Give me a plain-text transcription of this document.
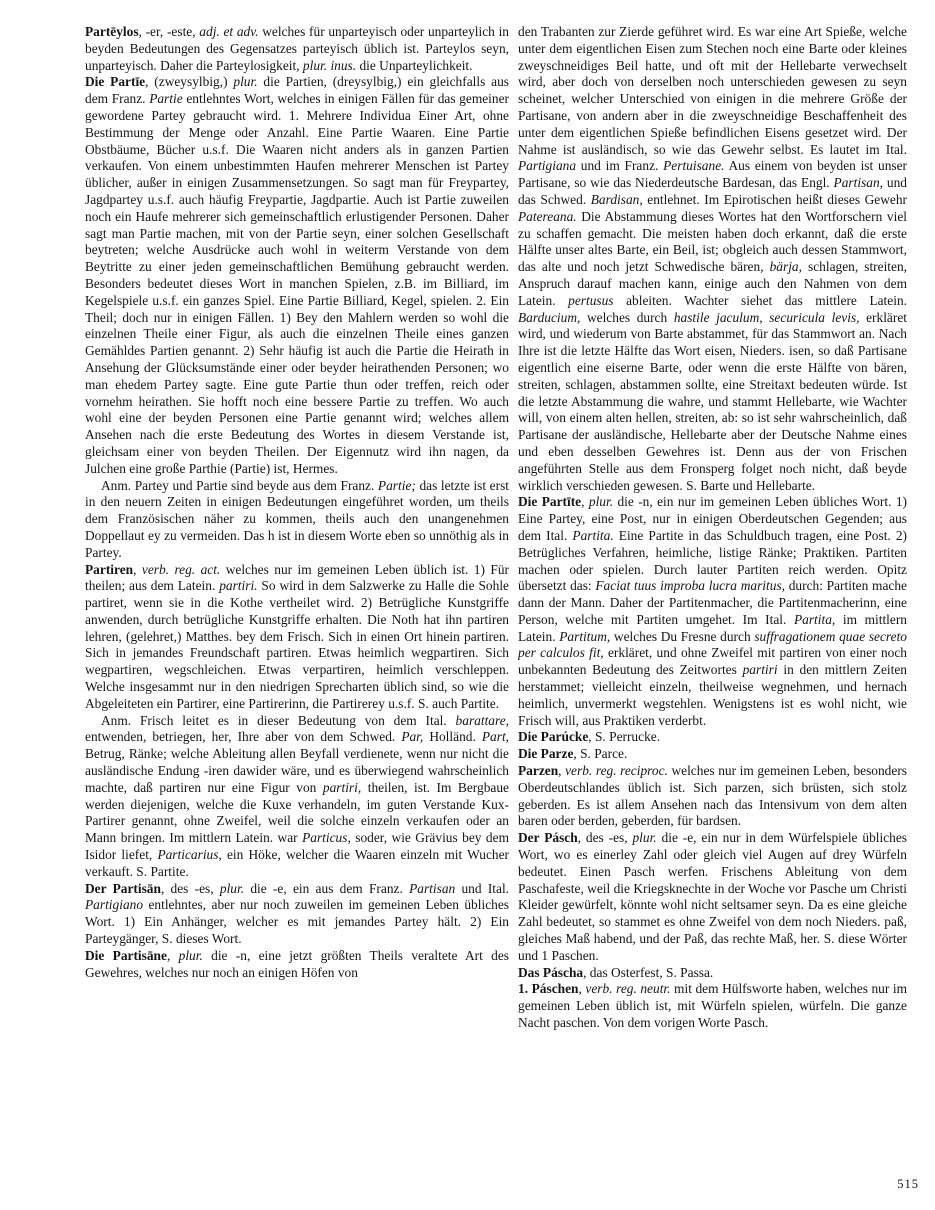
Partēylos, -er, -este, adj. et adv. welches für unparteyisch oder unparteylich in beyden Bedeutungen des Gegensatzes parteyisch üblich ist. Parteylos seyn, unparteyisch. Daher die Parteylosigkeit, plur. inus. die Unparteylichkeit.

Die Partīe, (zweysylbig,) plur. die Partien, (dreysylbig,) ein gleichfalls aus dem Franz. Partie entlehntes Wort, welches in einigen Fällen für das gemeiner gewordene Partey gebraucht wird. 1. Mehrere Individua Einer Art, ohne Bestimmung der Menge oder Anzahl. Eine Partie Waaren. Eine Partie Obstbäume, Bücher u.s.f. Die Waaren nicht anders als in ganzen Partien verkaufen. Von einem unbestimmten Haufen mehrerer Menschen ist Partey üblicher, außer in einigen Zusammensetzungen. So sagt man für Freypartey, Jagdpartey u.s.f. auch häufig Freypartie, Jagdpartie. Auch ist Partie zuweilen noch ein Haufe mehrerer sich gemeinschaftlich erlustigender Personen. Daher sagt man Partie machen, mit von der Partie seyn, einer solchen Gesellschaft beytreten; welche Ausdrücke auch wohl in weiterm Verstande von dem Beytritte zu einer jeden gemeinschaftlichen Bemühung gebraucht werden. Besonders bedeutet dieses Wort in manchen Spielen, z.B. im Billiard, im Kegelspiele u.s.f. ein ganzes Spiel. Eine Partie Billiard, Kegel, spielen. 2. Ein Theil; doch nur in einigen Fällen. 1) Bey den Mahlern werden so wohl die einzelnen Theile einer Figur, als auch die einzelnen Theile eines ganzen Gemähldes Partien genannt. 2) Sehr häufig ist auch die Partie die Heirath in Ansehung der Glücksumstände einer oder beyder heirathenden Personen; wo man ehedem Partey sagte. Eine gute Partie thun oder treffen, reich oder vornehm heirathen. Sie hofft noch eine bessere Partie zu treffen. Wo auch wohl eine der beyden Personen eine Partie genannt wird; welches allem Ansehen nach die erste Bedeutung des Wortes in diesem Verstande ist, gleichsam einer von beyden Theilen. Der Eigennutz wird ihn nagen, da Julchen eine große Parthie (Partie) ist, Hermes.

Anm. Partey und Partie sind beyde aus dem Franz. Partie; das letzte ist erst in den neuern Zeiten in einigen Bedeutungen eingeführet worden, um theils dem Französischen näher zu kommen, theils auch den unangenehmen Doppellaut ey zu vermeiden. Das h ist in diesem Worte eben so unnöthig als in Partey.

Partiren, verb. reg. act. welches nur im gemeinen Leben üblich ist. 1) Für theilen; aus dem Latein. partiri. So wird in dem Salzwerke zu Halle die Sohle partiret, wenn sie in die Kothe vertheilet wird. 2) Betrügliche Kunstgriffe anwenden, durch betrügliche Kunstgriffe erhalten. Die Noth hat ihn partiren lehren, (gelehret,) Matthes. bey dem Frisch. Sich in einen Ort hinein partiren. Sich in jemandes Freundschaft partiren. Etwas heimlich wegpartiren. Sich wegpartiren, wegschleichen. Etwas verpartiren, heimlich verschleppen. Welche insgesammt nur in den niedrigen Sprecharten üblich sind, so wie die Abgeleiteten ein Partirer, eine Partirerinn, die Partirerey u.s.f. S. auch Partite.

Anm. Frisch leitet es in dieser Bedeutung von dem Ital. barattare, entwenden, betriegen, her, Ihre aber von dem Schwed. Par, Holländ. Part, Betrug, Ränke; welche Ableitung allen Beyfall verdienete, wenn nur nicht die ausländische Endung -iren dawider wäre, und es überwiegend wahrscheinlich machte, daß partiren nur eine Figur von partiri, theilen, ist. Im Bergbaue werden diejenigen, welche die Kuxe verhandeln, im guten Verstande Kux-Partirer genannt, ohne Zweifel, weil die solche einzeln verkaufen oder an Mann bringen. Im mittlern Latein. war Particus, soder, wie Grävius bey dem Isidor liefet, Particarius, ein Höke, welcher die Waaren einzeln mit Wucher verkauft. S. Partite.

Der Partisān, des -es, plur. die -e, ein aus dem Franz. Partisan und Ital. Partigiano entlehntes, aber nur noch zuweilen im gemeinen Leben übliches Wort. 1) Ein Anhänger, welcher es mit jemandes Partey hält. 2) Ein Parteygänger, S. dieses Wort.

Die Partisāne, plur. die -n, eine jetzt größten Theils veraltete Art des Gewehres, welches nur noch an einigen Höfen von

den Trabanten zur Zierde geführet wird. Es war eine Art Spieße, welche unter dem eigentlichen Eisen zum Stechen noch eine Barte oder kleines zweyschneidiges Beil hatte, und oft mit der Hellebarte verwechselt wird, aber doch von derselben noch unterschieden gewesen zu seyn scheinet, welcher Unterschied von einigen in die mehrere Größe der Partisane, von andern aber in die zweyschneidige Beschaffenheit des unter dem eigentlichen Spieße befindlichen Eisens gesetzet wird. Der Nahme ist ausländisch, so wie das Gewehr selbst. Es lautet im Ital. Partigiana und im Franz. Pertuisane. Aus einem von beyden ist unser Partisane, so wie das Niederdeutsche Bardesan, das Engl. Partisan, und das Schwed. Bardisan, entlehnet. Im Epirotischen heißt dieses Gewehr Patereana. Die Abstammung dieses Wortes hat den Wortforschern viel zu schaffen gemacht. Die meisten haben doch erkannt, daß die erste Hälfte unser altes Barte, ein Beil, ist; obgleich auch dessen Stammwort, das alte und noch jetzt Schwedische bären, bärja, schlagen, streiten, Anspruch darauf machen kann, einige auch den Nahmen von dem Latein. pertusus ableiten. Wachter siehet das mittlere Latein. Barducium, welches durch hastile jaculum, securicula levis, erkläret wird, und wiederum von Barte abstammet, für das Stammwort an. Nach Ihre ist die letzte Hälfte das Wort eisen, Nieders. isen, so daß Partisane eigentlich eine eiserne Barte, oder wenn die erste Hälfte von bären, streiten, schlagen, abstammen sollte, eine Streitaxt bedeuten würde. Ist die letzte Abstammung die wahre, und stammt Hellebarte, wie Wachter will, von einem alten hellen, streiten, ab: so ist sehr wahrscheinlich, daß Partisane der ausländische, Hellebarte aber der Deutsche Nahme eines und eben desselben Gewehres ist. Denn aus der von Frischen angeführten Stelle aus dem Fronsperg folget noch nicht, daß beyde wirklich verschieden gewesen. S. Barte und Hellebarte.

Die Partīte, plur. die -n, ein nur im gemeinen Leben übliches Wort. 1) Eine Partey, eine Post, nur in einigen Oberdeutschen Gegenden; aus dem Ital. Partita. Eine Partite in das Schuldbuch tragen, eine Post. 2) Betrügliches Verfahren, heimliche, listige Ränke; Praktiken. Partiten machen oder spielen. Durch lauter Partiten reich werden. Opitz übersetzt das: Faciat tuus improba lucra maritus, durch: Partiten mache dann der Mann. Daher der Partitenmacher, die Partitenmacherinn, eine Person, welche mit Partiten umgehet. Im Ital. Partita, im mittlern Latein. Partitum, welches Du Fresne durch suffragationem quae secreto per calculos fit, erkläret, und ohne Zweifel mit partiren von einer noch unbekannten Bedeutung des Zeitwortes partiri in den mittlern Zeiten herstammet; vielleicht einzeln, theilweise wegnehmen, und hernach heimlich, unvermerkt wegstehlen. Wenigstens ist es wohl nicht, wie Frisch will, aus Praktiken verderbt.

Die Parúcke, S. Perrucke.

Die Parze, S. Parce.

Parzen, verb. reg. reciproc. welches nur im gemeinen Leben, besonders Oberdeutschlandes üblich ist. Sich parzen, sich brüsten, sich stolz geberden. Es ist allem Ansehen nach das Intensivum von dem alten baren oder berden, geberden, für bardsen.

Der Pásch, des -es, plur. die -e, ein nur in dem Würfelspiele übliches Wort, wo es einerley Zahl oder gleich viel Augen auf drey Würfeln bedeutet. Einen Pasch werfen. Frischens Ableitung von dem Paschafeste, weil die Kriegsknechte in der Woche vor Pasche um Christi Kleider gewürfelt, könnte wohl nicht seltsamer seyn. Da es eine gleiche Zahl bedeutet, so stammet es ohne Zweifel von dem noch Nieders. paß, gleiches Maß habend, und der Paß, das rechte Maß, her. S. diese Wörter und 1 Paschen.

Das Páscha, das Osterfest, S. Passa.

1. Páschen, verb. reg. neutr. mit dem Hülfsworte haben, welches nur im gemeinen Leben üblich ist, mit Würfeln spielen, würfeln. Die ganze Nacht paschen. Von dem vorigen Worte Pasch.

515
